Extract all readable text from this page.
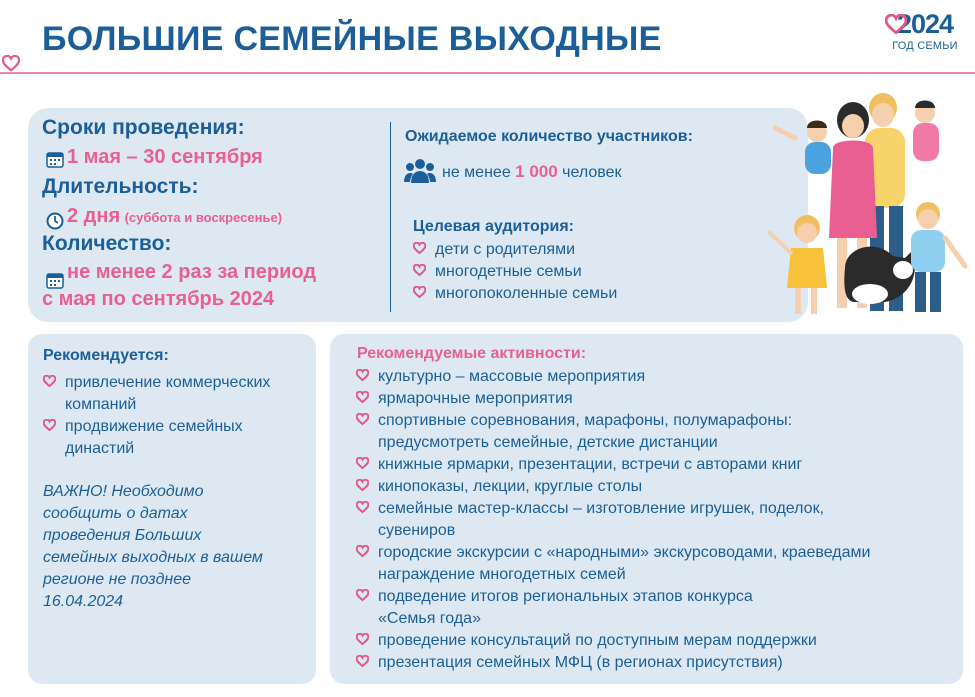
БОЛЬШИЕ СЕМЕЙНЫЕ ВЫХОДНЫЕ	2024
ГОД СЕМЬИ
Сроки проведения:
1 мая – 30 сентября
Длительность:
2 дня (суббота и воскресенье)
Количество:
не менее 2 раз за период
с мая по сентябрь 2024
Ожидаемое количество участников:
не менее 1 000 человек
Целевая аудитория:
дети с родителями
многодетные семьи
многопоколенные семьи
Рекомендуется:
привлечение коммерческих
компаний
продвижение семейных
династий
ВАЖНО! Необходимо
сообщить о датах
проведения Больших
семейных выходных в вашем
регионе не позднее
16.04.2024
Рекомендуемые активности:
культурно – массовые мероприятия
ярмарочные мероприятия
спортивные соревнования, марафоны, полумарафоны:
предусмотреть семейные, детские дистанции
книжные ярмарки, презентации, встречи с авторами книг
кинопоказы, лекции, круглые столы
семейные мастер-классы – изготовление игрушек, поделок,
сувениров
городские экскурсии с «народными» экскурсоводами, краеведами
награждение многодетных семей
подведение итогов региональных этапов конкурса
«Семья года»
проведение консультаций по доступным мерам поддержки
презентация семейных МФЦ (в регионах присутствия)
